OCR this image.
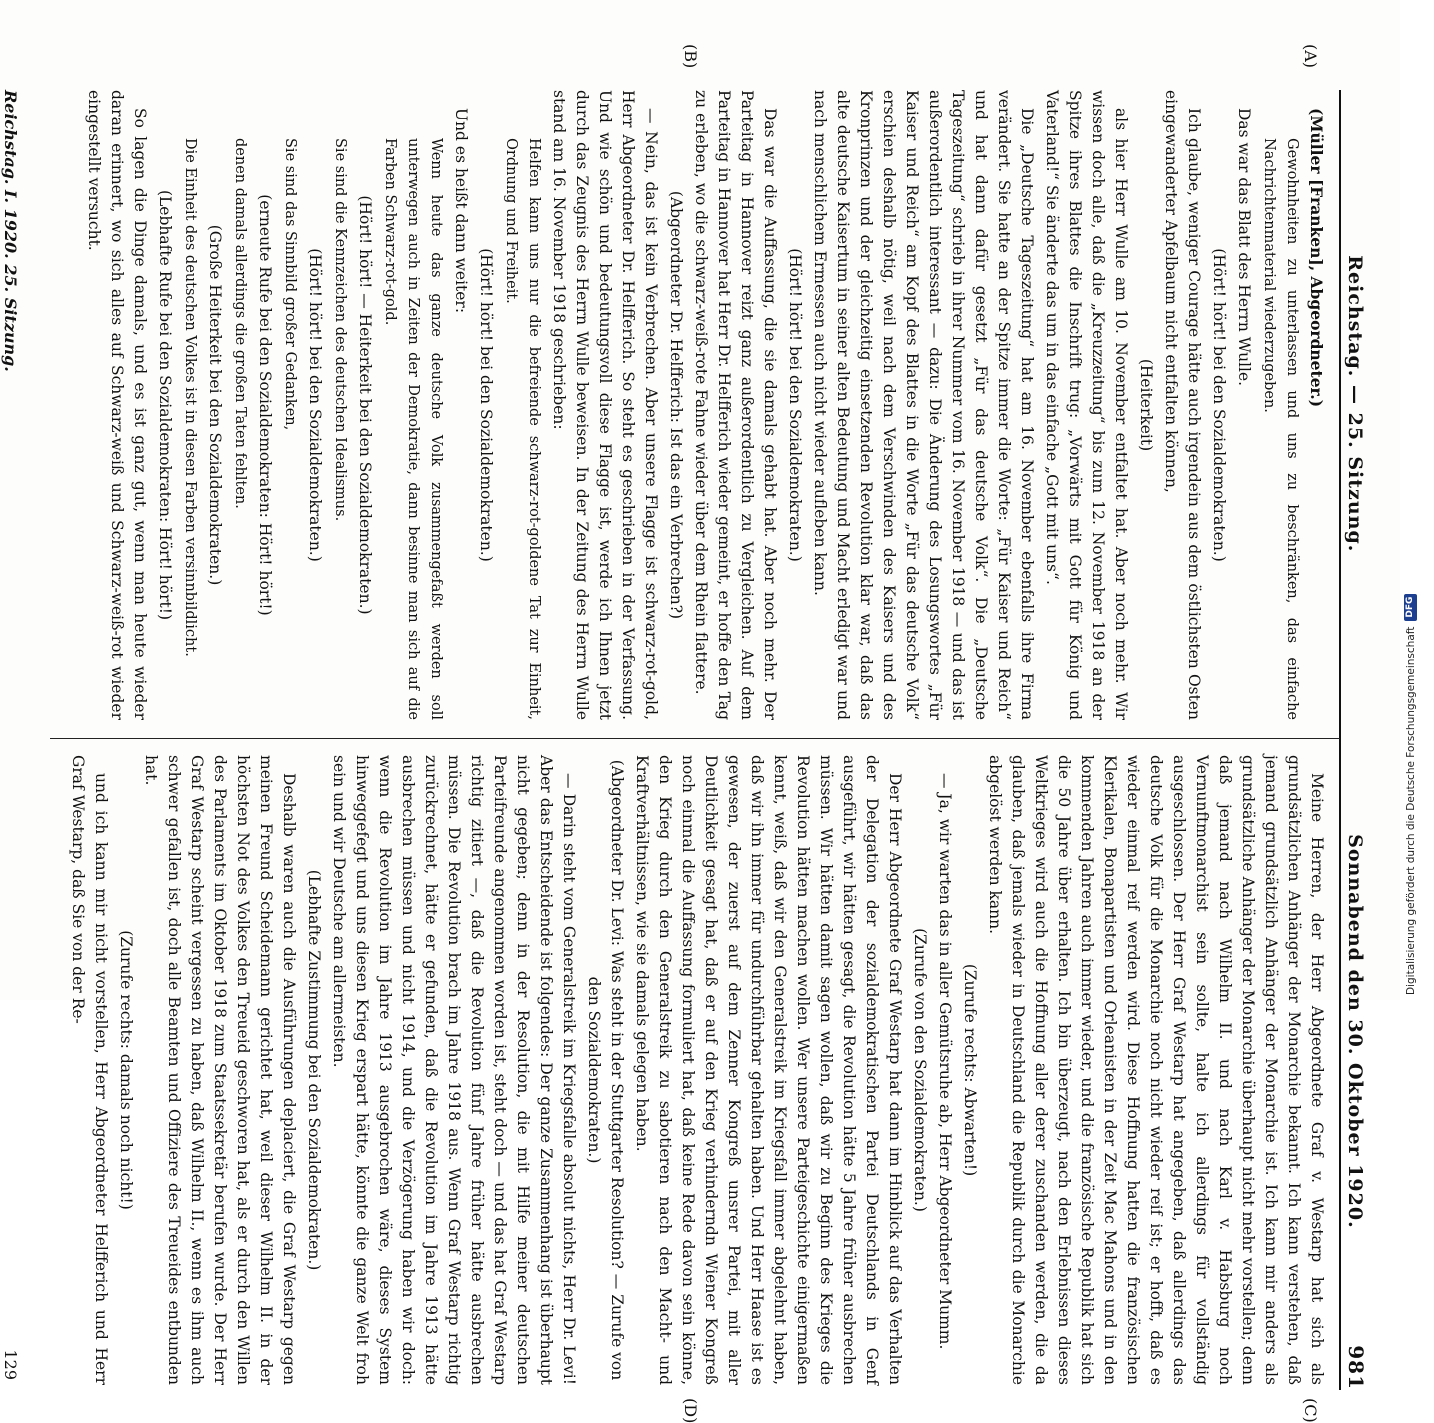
Reichstag. — 25. Sitzung.
Sonnabend den 30. Oktober 1920.
981
(A)
(B)
(C)
(D)

(Müller [Franken], Abgeordneter.)

Gewohnheiten zu unterlassen und uns zu beschränken, das einfache Nachrichtenmaterial wiederzugeben.

Das war das Blatt des Herrn Wulle.

(Hört! hört! bei den Sozialdemokraten.)

Ich glaube, weniger Courage hätte auch irgendein aus dem östlichsten Osten eingewanderter Apfelbaum nicht entfalten können,

(Heiterkeit)

als hier Herr Wulle am 10. November entfaltet hat. Aber noch mehr. Wir wissen doch alle, daß die „Kreuzzeitung“ bis zum 12. November 1918 an der Spitze ihres Blattes die Inschrift trug: „Vorwärts mit Gott für König und Vaterland!“ Sie änderte das um in das einfache „Gott mit uns“.

Die „Deutsche Tageszeitung“ hat am 16. November ebenfalls ihre Firma verändert. Sie hatte an der Spitze immer die Worte: „Für Kaiser und Reich“ und hat dann dafür gesetzt „Für das deutsche Volk“. Die „Deutsche Tageszeitung“ schrieb in ihrer Nummer vom 16. November 1918 — und das ist außerordentlich interessant — dazu: Die Änderung des Losungswortes „Für Kaiser und Reich“ am Kopf des Blattes in die Worte „Für das deutsche Volk“ erschien deshalb nötig, weil nach dem Verschwinden des Kaisers und des Kronprinzen und der gleichzeitig einsetzenden Revolution klar war, daß das alte deutsche Kaisertum in seiner alten Bedeutung und Macht erledigt war und nach menschlichem Ermessen auch nicht wieder aufleben kann.

(Hört! hört! bei den Sozialdemokraten.)

Das war die Auffassung, die sie damals gehabt hat. Aber noch mehr. Der Parteitag in Hannover reizt ganz außerordentlich zu Vergleichen. Auf dem Parteitag in Hannover hat Herr Dr. Helfferich wieder gemeint, er hoffe den Tag zu erleben, wo die schwarz-weiß-rote Fahne wieder über dem Rhein flattere.

(Abgeordneter Dr. Helfferich: Ist das ein Verbrechen?)

— Nein, das ist kein Verbrechen. Aber unsere Flagge ist schwarz-rot-gold, Herr Abgeordneter Dr. Helfferich. So steht es geschrieben in der Verfassung. Und wie schön und bedeutungsvoll diese Flagge ist, werde ich Ihnen jetzt durch das Zeugnis des Herrn Wulle beweisen. In der Zeitung des Herrn Wulle stand am 16. November 1918 geschrieben:

Helfen kann uns nur die befreiende schwarz-rot-goldene Tat zur Einheit, Ordnung und Freiheit.

(Hört! hört! bei den Sozialdemokraten.)

Und es heißt dann weiter:

Wenn heute das ganze deutsche Volk zusammengefaßt werden soll unterwegen auch in Zeiten der Demokratie, dann besinne man sich auf die Farben Schwarz-rot-gold.

(Hört! hört! — Heiterkeit bei den Sozialdemokraten.)

Sie sind die Kennzeichen des deutschen Idealismus.

(Hört! hört! bei den Sozialdemokraten.)

Sie sind das Sinnbild großer Gedanken,

(erneute Rufe bei den Sozialdemokraten: Hört! hört!)

denen damals allerdings die großen Taten fehlten.

(Große Heiterkeit bei den Sozialdemokraten.)

Die Einheit des deutschen Volkes ist in diesen Farben versinnbildlicht.

(Lebhafte Rufe bei den Sozialdemokraten: Hört! hört!)

So lagen die Dinge damals, und es ist ganz gut, wenn man heute wieder daran erinnert, wo sich alles auf Schwarz-weiß und Schwarz-weiß-rot wieder eingestellt versucht.

Meine Herren, der Herr Abgeordnete Graf v. Westarp hat sich als grundsätzlichen Anhänger der Monarchie bekannt. Ich kann verstehen, daß jemand grundsätzlich Anhänger der Monarchie ist. Ich kann mir anders als grundsätzliche Anhänger der Monarchie überhaupt nicht mehr vorstellen; denn daß jemand nach Wilhelm II. und nach Karl v. Habsburg noch Vernunftmonarchist sein sollte, halte ich allerdings für vollständig ausgeschlossen. Der Herr Graf Westarp hat angegeben, daß allerdings das deutsche Volk für die Monarchie noch nicht wieder reif ist; er hofft, daß es wieder einmal reif werden wird. Diese Hoffnung hatten die französischen Klerikalen, Bonapartisten und Orleanisten in der Zeit Mac Mahons und in den kommenden Jahren auch immer wieder, und die französische Republik hat sich die 50 Jahre über erhalten. Ich bin überzeugt, nach den Erlebnissen dieses Weltkrieges wird auch die Hoffnung aller derer zuschanden werden, die da glauben, daß jemals wieder in Deutschland die Republik durch die Monarchie abgelöst werden kann.

(Zurufe rechts: Abwarten!)

— Ja, wir warten das in aller Gemütsruhe ab, Herr Abgeordneter Mumm.

(Zurufe von den Sozialdemokraten.)

Der Herr Abgeordnete Graf Westarp hat dann im Hinblick auf das Verhalten der Delegation der sozialdemokratischen Partei Deutschlands in Genf ausgeführt, wir hätten gesagt, die Revolution hätte 5 Jahre früher ausbrechen müssen. Wir hätten damit sagen wollen, daß wir zu Beginn des Krieges die Revolution hätten machen wollen. Wer unsere Parteigeschichte einigermaßen kennt, weiß, daß wir den Generalstreik im Kriegsfall immer abgelehnt haben, daß wir ihn immer für undurchführbar gehalten haben. Und Herr Haase ist es gewesen, der zuerst auf dem Zenner Kongreß unsrer Partei, mit aller Deutlichkeit gesagt hat, daß er auf den Krieg verhinderndn Wiener Kongreß noch einmal die Auffassung formuliert hat, daß keine Rede davon sein könne, den Krieg durch den Generalstreik zu sabotieren nach den Macht- und Kraftverhältnissen, wie sie damals gelegen haben.

(Abgeordneter Dr. Levi: Was steht in der Stuttgarter Resolution? — Zurufe von den Sozialdemokraten.)

— Darin steht vom Generalstreik im Kriegsfalle absolut nichts, Herr Dr. Levi! Aber das Entscheidende ist folgendes: Der ganze Zusammenhang ist überhaupt nicht gegeben; denn in der Resolution, die mit Hilfe meiner deutschen Parteifreunde angenommen worden ist, steht doch — und das hat Graf Westarp richtig zitiert —, daß die Revolution fünf Jahre früher hätte ausbrechen müssen. Die Revolution brach im Jahre 1918 aus. Wenn Graf Westarp richtig zurückrechnet, hätte er gefunden, daß die Revolution im Jahre 1913 hätte ausbrechen müssen und nicht 1914, und die Verzögerung haben wir doch: wenn die Revolution im Jahre 1913 ausgebrochen wäre, dieses System hinweggefegt und uns diesen Krieg erspart hätte, könnte die ganze Welt froh sein und wir Deutsche am allermeisten.

(Lebhafte Zustimmung bei den Sozialdemokraten.)

Deshalb waren auch die Ausführungen deplaciert, die Graf Westarp gegen meinen Freund Scheidemann gerichtet hat, weil dieser Wilhelm II. in der höchsten Not des Volkes den Treueid geschworen hat, als er durch den Willen des Parlaments im Oktober 1918 zum Staatssekretär berufen wurde. Der Herr Graf Westarp scheint vergessen zu haben, daß Wilhelm II., wenn es ihm auch schwer gefallen ist, doch alle Beamten und Offiziere des Treueides entbunden hat.

(Zurufe rechts: damals noch nicht!)

und ich kann mir nicht vorstellen, Herr Abgeordneter Helfferich und Herr Graf Westarp, daß Sie von der Re-

Reichstag. I. 1920. 25. Sitzung.
129
Digitalisierung gefördert durch die Deutsche Forschungsgemeinschaft
DFG
